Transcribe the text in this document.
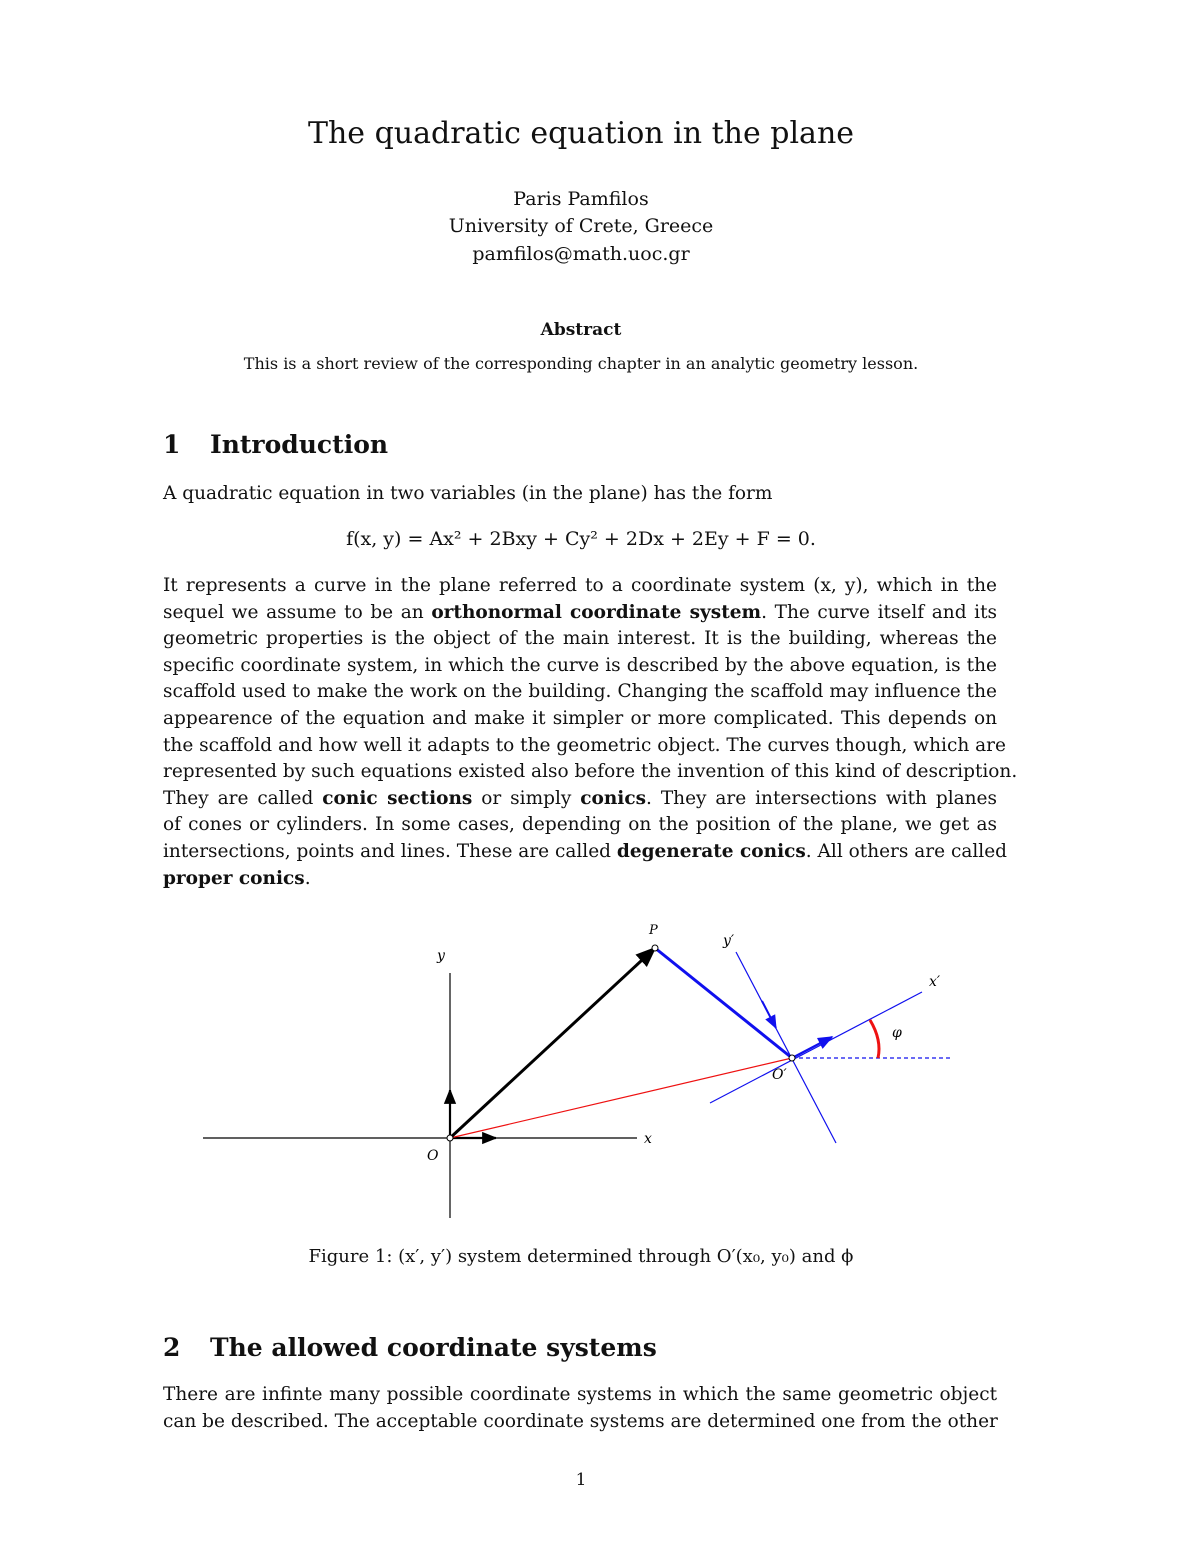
The quadratic equation in the plane
Paris Pamfilos
University of Crete, Greece
pamfilos@math.uoc.gr
Abstract
This is a short review of the corresponding chapter in an analytic geometry lesson.
1 Introduction
A quadratic equation in two variables (in the plane) has the form
f(x, y) = Ax² + 2Bxy + Cy² + 2Dx + 2Ey + F = 0.
It represents a curve in the plane referred to a coordinate system (x, y), which in the
sequel we assume to be an orthonormal coordinate system. The curve itself and its
geometric properties is the object of the main interest. It is the building, whereas the
specific coordinate system, in which the curve is described by the above equation, is the
scaffold used to make the work on the building. Changing the scaffold may influence the
appearence of the equation and make it simpler or more complicated. This depends on
the scaffold and how well it adapts to the geometric object. The curves though, which are
represented by such equations existed also before the invention of this kind of description.
They are called conic sections or simply conics. They are intersections with planes
of cones or cylinders. In some cases, depending on the position of the plane, we get as
intersections, points and lines. These are called degenerate conics. All others are called
proper conics.
y
x
O
P
y′
x′
O′
φ
Figure 1: (x′, y′) system determined through O′(x₀, y₀) and ϕ
2 The allowed coordinate systems
There are infinte many possible coordinate systems in which the same geometric object
can be described. The acceptable coordinate systems are determined one from the other
1
